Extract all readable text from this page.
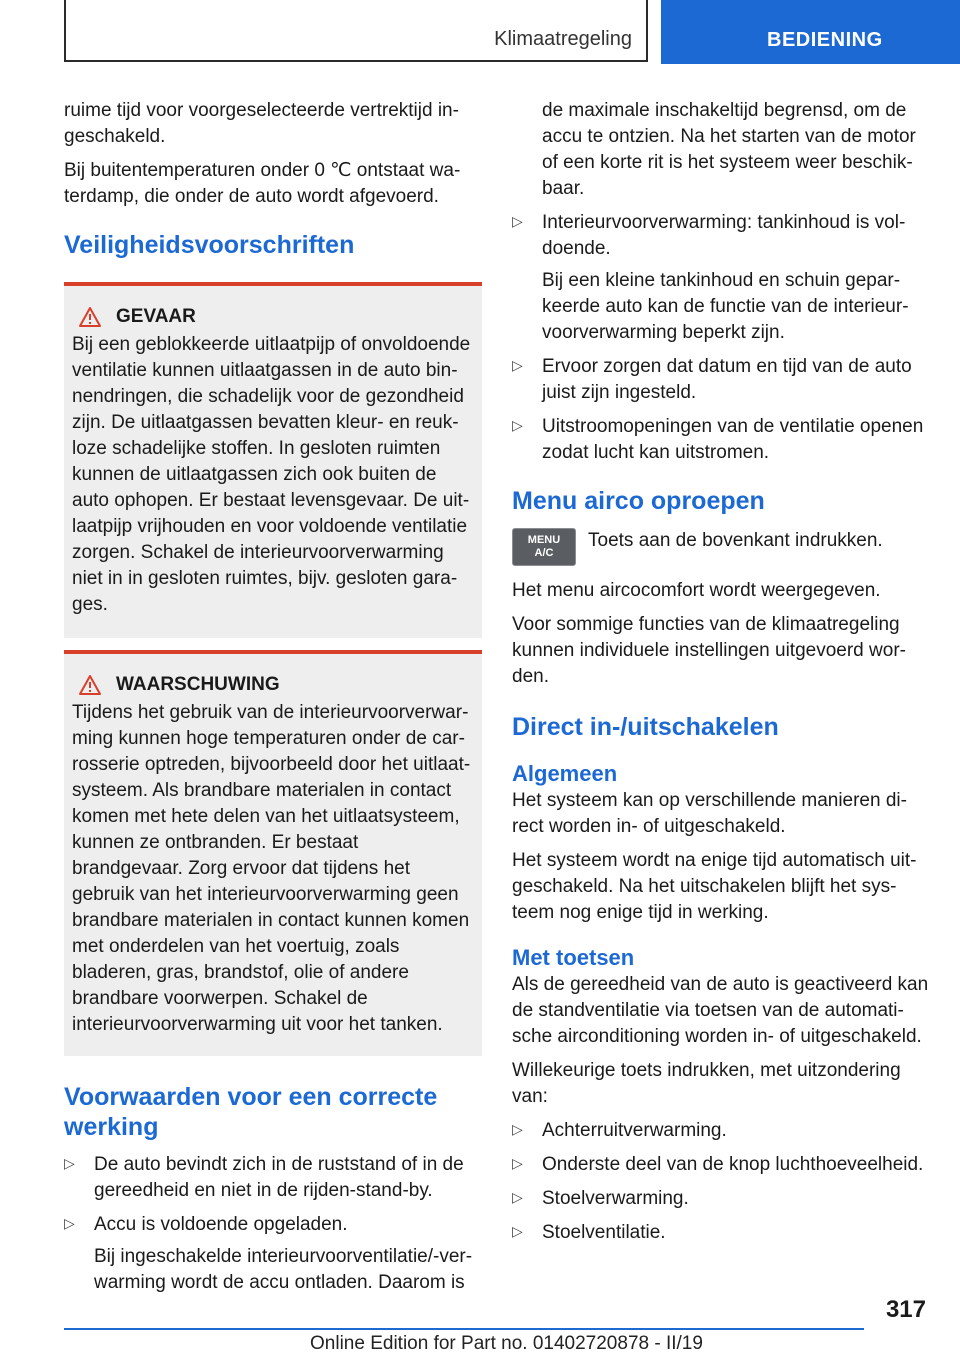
Klimaatregeling	BEDIENING

ruime tijd voor voorgeselecteerde vertrektijd ingeschakeld.

Bij buitentemperaturen onder 0 ℃ ontstaat waterdamp, die onder de auto wordt afgevoerd.

Veiligheidsvoorschriften
GEVAAR

Bij een geblokkeerde uitlaatpijp of onvoldoende ventilatie kunnen uitlaatgassen in de auto binnendringen, die schadelijk voor de gezondheid zijn. De uitlaatgassen bevatten kleur- en reukloze schadelijke stoffen. In gesloten ruimten kunnen de uitlaatgassen zich ook buiten de auto ophopen. Er bestaat levensgevaar. De uitlaatpijp vrijhouden en voor voldoende ventilatie zorgen. Schakel de interieurvoorverwarming niet in in gesloten ruimtes, bijv. gesloten garages.

WAARSCHUWING

Tijdens het gebruik van de interieurvoorverwarming kunnen hoge temperaturen onder de carrosserie optreden, bijvoorbeeld door het uitlaatsysteem. Als brandbare materialen in contact komen met hete delen van het uitlaatsysteem, kunnen ze ontbranden. Er bestaat brandgevaar. Zorg ervoor dat tijdens het gebruik van het interieurvoorverwarming geen brandbare materialen in contact kunnen komen met onderdelen van het voertuig, zoals bladeren, gras, brandstof, olie of andere brandbare voorwerpen. Schakel de interieurvoorverwarming uit voor het tanken.

Voorwaarden voor een correcte werking
▷ De auto bevindt zich in de ruststand of in de gereedheid en niet in de rijden-stand-by.

▷ Accu is voldoende opgeladen.

Bij ingeschakelde interieurvoorventilatie/-verwarming wordt de accu ontladen. Daarom is

de maximale inschakeltijd begrensd, om de accu te ontzien. Na het starten van de motor of een korte rit is het systeem weer beschikbaar.

▷ Interieurvoorverwarming: tankinhoud is voldoende.

Bij een kleine tankinhoud en schuin geparkeerde auto kan de functie van de interieurvoorverwarming beperkt zijn.

▷ Ervoor zorgen dat datum en tijd van de auto juist zijn ingesteld.

▷ Uitstroomopeningen van de ventilatie openen zodat lucht kan uitstromen.

Menu airco oproepen
MENU
A/C

Toets aan de bovenkant indrukken.

Het menu aircocomfort wordt weergegeven.

Voor sommige functies van de klimaatregeling kunnen individuele instellingen uitgevoerd worden.

Direct in-/uitschakelen
Algemeen

Het systeem kan op verschillende manieren direct worden in- of uitgeschakeld.

Het systeem wordt na enige tijd automatisch uitgeschakeld. Na het uitschakelen blijft het systeem nog enige tijd in werking.

Met toetsen

Als de gereedheid van de auto is geactiveerd kan de standventilatie via toetsen van de automatische airconditioning worden in- of uitgeschakeld.

Willekeurige toets indrukken, met uitzondering van:

▷ Achterruitverwarming.

▷ Onderste deel van de knop luchthoeveelheid.

▷ Stoelverwarming.

▷ Stoelventilatie.

317
Online Edition for Part no. 01402720878 - II/19
